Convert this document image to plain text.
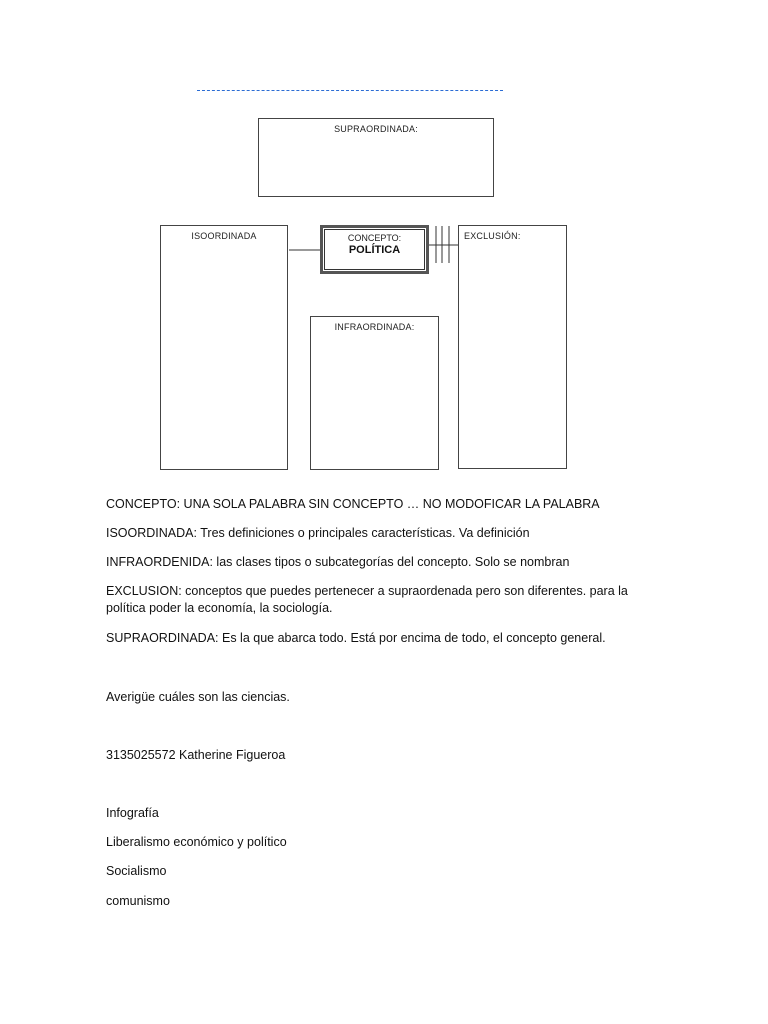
SUPRAORDINADA:
ISOORDINADA	CONCEPTO:
POLÍTICA
EXCLUSIÓN:
INFRAORDINADA:

CONCEPTO: UNA SOLA PALABRA SIN CONCEPTO … NO MODOFICAR LA PALABRA

ISOORDINADA: Tres definiciones o principales características. Va definición

INFRAORDENIDA: las clases tipos o subcategorías del concepto. Solo se nombran

EXCLUSION: conceptos que puedes pertenecer a supraordenada pero son diferentes. para la política poder la economía, la sociología.

SUPRAORDINADA: Es la que abarca todo. Está por encima de todo, el concepto general.

Averigüe cuáles son las ciencias.

3135025572 Katherine Figueroa

Infografía

Liberalismo económico y político

Socialismo

comunismo
